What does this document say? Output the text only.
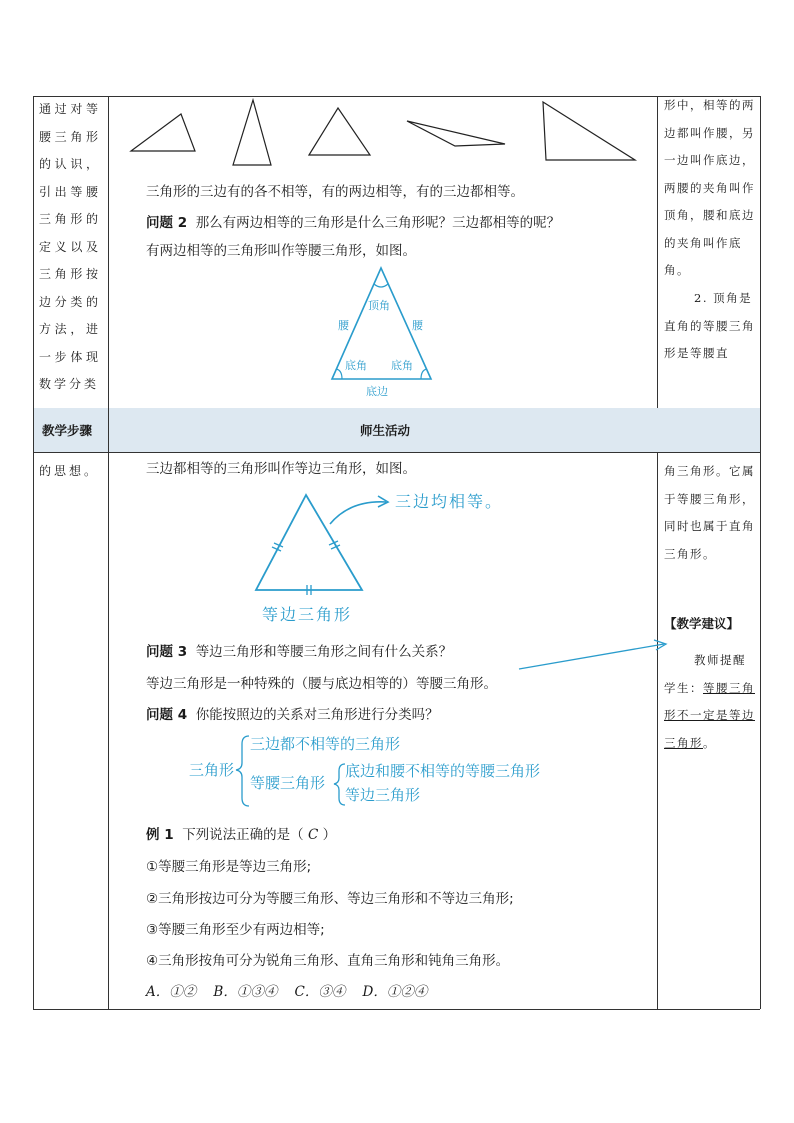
教学步骤	师生活动
通过对等腰三角形的认识，引出等腰三角形的定义以及三角形按边分类的方法，进一步体现数学分类
的思想。
形中，相等的两边都叫作腰，另一边叫作底边，两腰的夹角叫作顶角，腰和底边的夹角叫作底角。
2. 顶角是直角的等腰三角形是等腰直
角三角形。它属于等腰三角形，同时也属于直角三角形。
【教学建议】
教师提醒学生：等腰三角形不一定是等边三角形。
三角形的三边有的各不相等，有的两边相等，有的三边都相等。
问题 2 那么有两边相等的三角形是什么三角形呢？三边都相等的呢？
有两边相等的三角形叫作等腰三角形，如图。
顶角
腰	腰
底角 底角
底边
三边都相等的三角形叫作等边三角形，如图。
三边均相等。
等边三角形
问题 3 等边三角形和等腰三角形之间有什么关系？
等边三角形是一种特殊的（腰与底边相等的）等腰三角形。
问题 4 你能按照边的关系对三角形进行分类吗？
三角形
三边都不相等的三角形
等腰三角形
底边和腰不相等的等腰三角形
等边三角形
例 1 下列说法正确的是（ C ）
①等腰三角形是等边三角形;
②三角形按边可分为等腰三角形、等边三角形和不等边三角形;
③等腰三角形至少有两边相等;
④三角形按角可分为锐角三角形、直角三角形和钝角三角形。
A．①② B．①③④ C．③④ D．①②④
